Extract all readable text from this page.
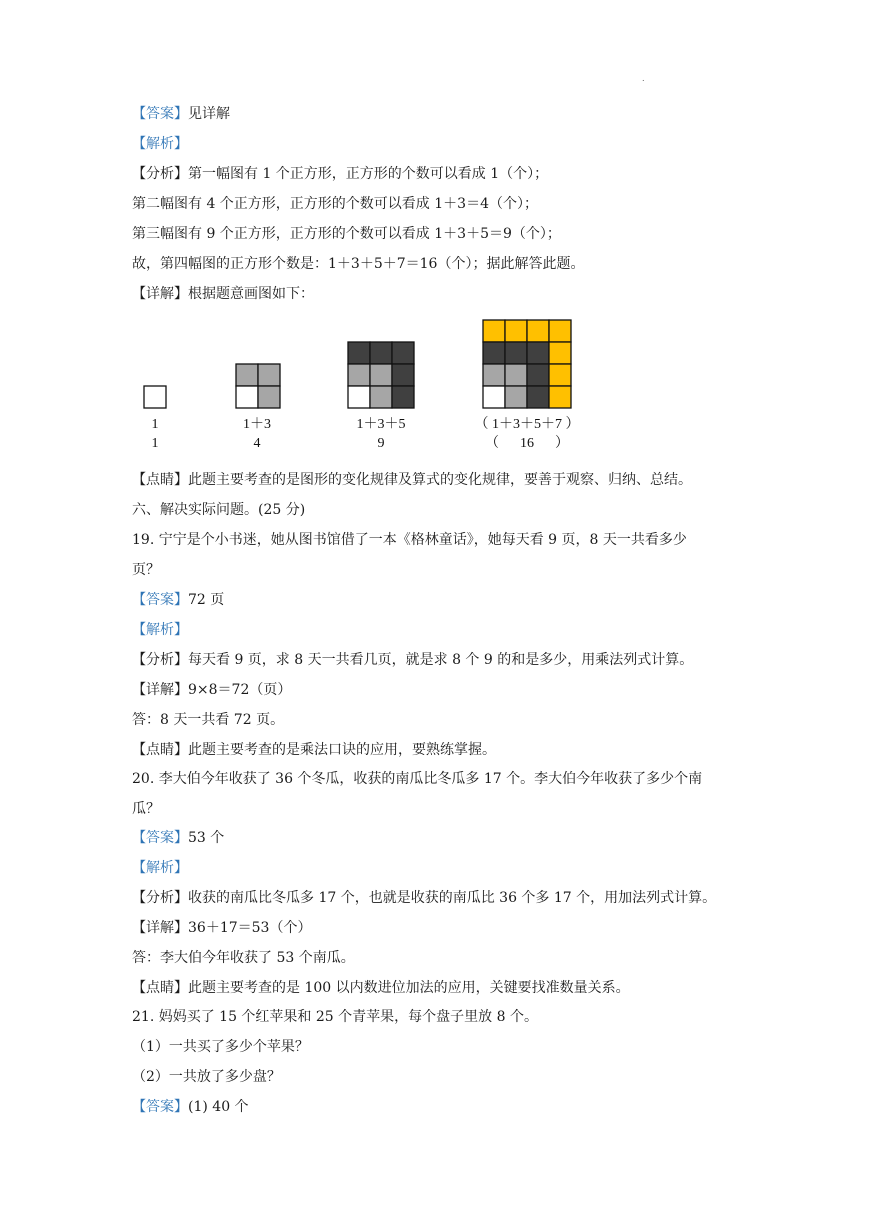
.
【答案】见详解
【解析】
【分析】第一幅图有 1 个正方形，正方形的个数可以看成 1（个）；
第二幅图有 4 个正方形，正方形的个数可以看成 1＋3＝4（个）；
第三幅图有 9 个正方形，正方形的个数可以看成 1＋3＋5＝9（个）；
故，第四幅图的正方形个数是：1＋3＋5＋7＝16（个）；据此解答此题。
【详解】根据题意画图如下：
1
1
1＋3
4
1＋3＋5
9
（ 1＋3＋5＋7 ）
（      16      ）
【点睛】此题主要考查的是图形的变化规律及算式的变化规律，要善于观察、归纳、总结。
六、解决实际问题。(25 分)
19. 宁宁是个小书迷，她从图书馆借了一本《格林童话》，她每天看 9 页，8 天一共看多少
页？
【答案】72 页
【解析】
【分析】每天看 9 页，求 8 天一共看几页，就是求 8 个 9 的和是多少，用乘法列式计算。
【详解】9×8＝72（页）
答：8 天一共看 72 页。
【点睛】此题主要考查的是乘法口诀的应用，要熟练掌握。
20. 李大伯今年收获了 36 个冬瓜，收获的南瓜比冬瓜多 17 个。李大伯今年收获了多少个南
瓜？
【答案】53 个
【解析】
【分析】收获的南瓜比冬瓜多 17 个，也就是收获的南瓜比 36 个多 17 个，用加法列式计算。
【详解】36＋17＝53（个）
答：李大伯今年收获了 53 个南瓜。
【点睛】此题主要考查的是 100 以内数进位加法的应用，关键要找准数量关系。
21. 妈妈买了 15 个红苹果和 25 个青苹果，每个盘子里放 8 个。
（1）一共买了多少个苹果？
（2）一共放了多少盘？
【答案】(1) 40 个
